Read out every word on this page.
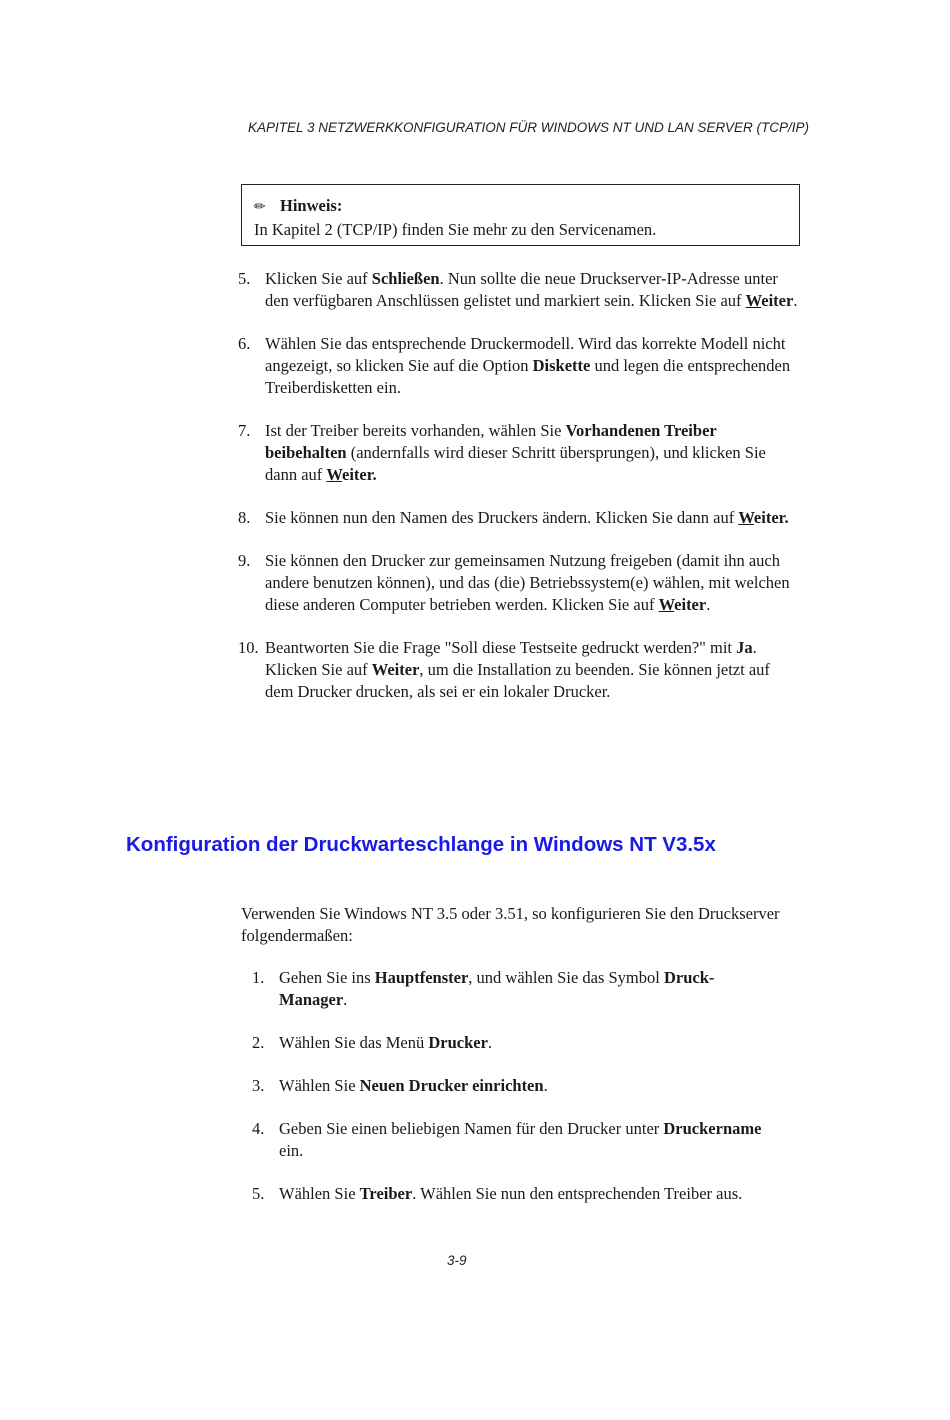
KAPITEL 3 NETZWERKKONFIGURATION FÜR WINDOWS NT UND LAN SERVER (TCP/IP)
✏ Hinweis:
In Kapitel 2 (TCP/IP) finden Sie mehr zu den Servicenamen.
5. Klicken Sie auf Schließen. Nun sollte die neue Druckserver-IP-Adresse unter den verfügbaren Anschlüssen gelistet und markiert sein. Klicken Sie auf Weiter.
6. Wählen Sie das entsprechende Druckermodell. Wird das korrekte Modell nicht angezeigt, so klicken Sie auf die Option Diskette und legen die entsprechenden Treiberdisketten ein.
7. Ist der Treiber bereits vorhanden, wählen Sie Vorhandenen Treiber beibehalten (andernfalls wird dieser Schritt übersprungen), und klicken Sie dann auf Weiter.
8. Sie können nun den Namen des Druckers ändern. Klicken Sie dann auf Weiter.
9. Sie können den Drucker zur gemeinsamen Nutzung freigeben (damit ihn auch andere benutzen können), und das (die) Betriebssystem(e) wählen, mit welchen diese anderen Computer betrieben werden. Klicken Sie auf Weiter.
10. Beantworten Sie die Frage "Soll diese Testseite gedruckt werden?" mit Ja. Klicken Sie auf Weiter, um die Installation zu beenden. Sie können jetzt auf dem Drucker drucken, als sei er ein lokaler Drucker.
Konfiguration der Druckwarteschlange in Windows NT V3.5x
Verwenden Sie Windows NT 3.5 oder 3.51, so konfigurieren Sie den Druckserver folgendermaßen:
1. Gehen Sie ins Hauptfenster, und wählen Sie das Symbol Druck-Manager.
2. Wählen Sie das Menü Drucker.
3. Wählen Sie Neuen Drucker einrichten.
4. Geben Sie einen beliebigen Namen für den Drucker unter Druckername ein.
5. Wählen Sie Treiber. Wählen Sie nun den entsprechenden Treiber aus.
3-9
